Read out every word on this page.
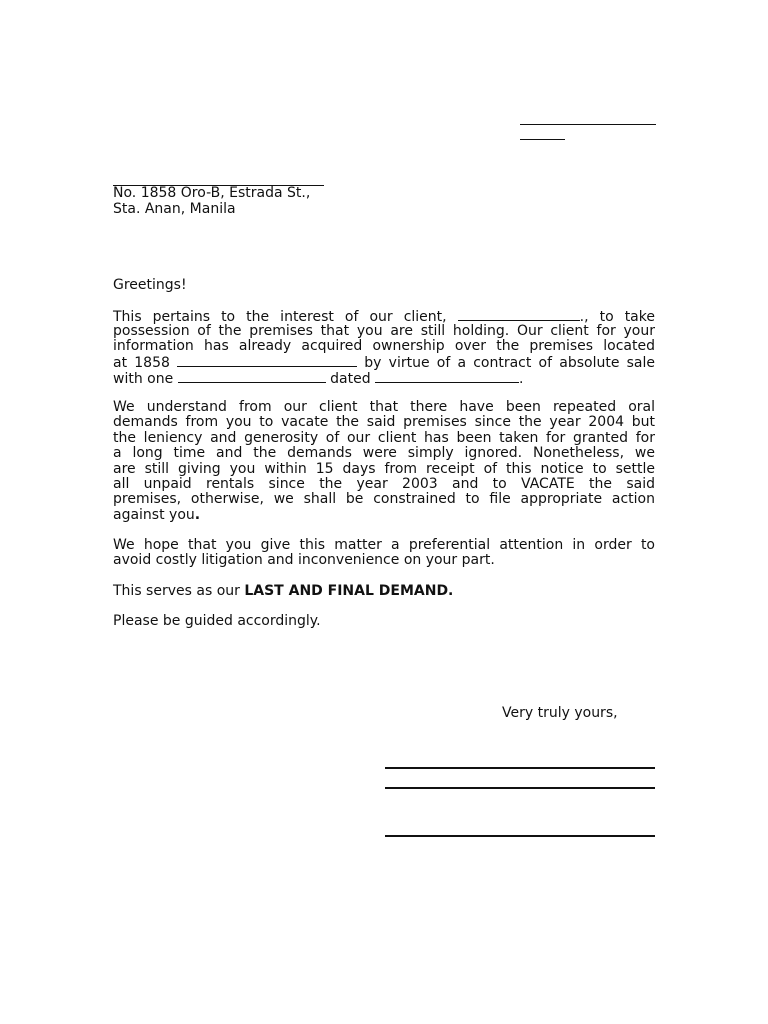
No. 1858 Oro-B, Estrada St.,
Sta. Anan, Manila
Greetings!
This pertains to the interest of our client,	., to take
possession of the premises that you are still holding. Our client for your
information has already acquired ownership over the premises located
at 1858	by virtue of a contract of absolute sale
with one	dated	.
We understand from our client that there have been repeated oral
demands from you to vacate the said premises since the year 2004 but
the leniency and generosity of our client has been taken for granted for
a long time and the demands were simply ignored. Nonetheless, we
are still giving you within 15 days from receipt of this notice to settle
all unpaid rentals since the year 2003 and to VACATE the said
premises, otherwise, we shall be constrained to file appropriate action
against you.
We hope that you give this matter a preferential attention in order to
avoid costly litigation and inconvenience on your part.
This serves as our LAST AND FINAL DEMAND.
Please be guided accordingly.
Very truly yours,
